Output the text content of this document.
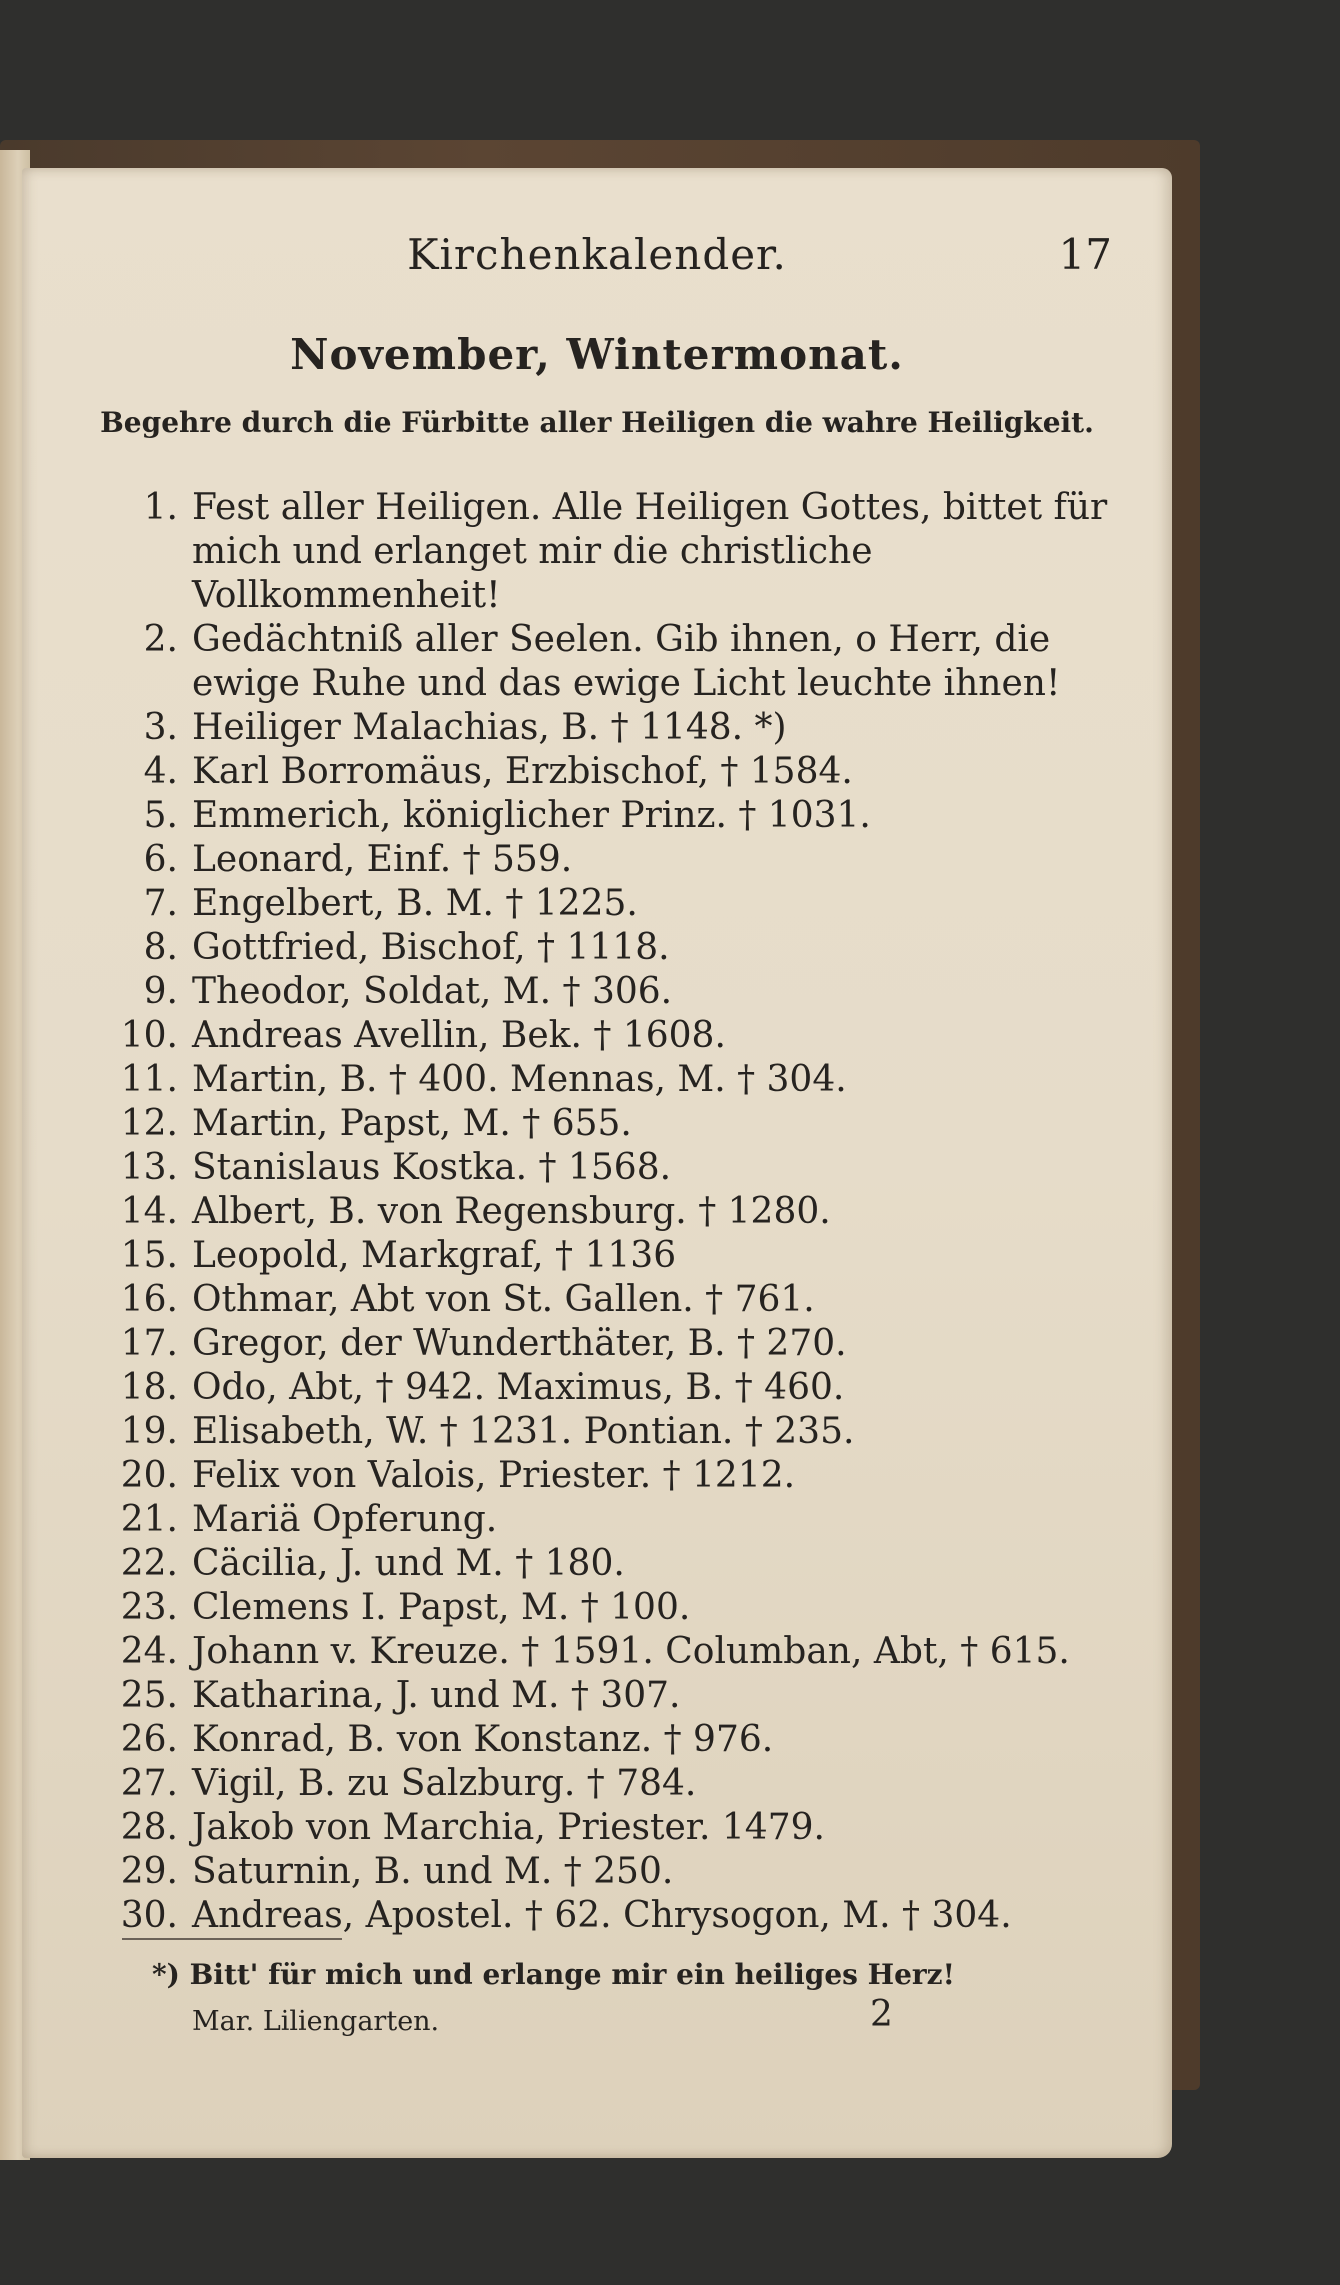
Kirchenkalender.	17
November, Wintermonat.
Begehre durch die Fürbitte aller Heiligen die wahre Heiligkeit.
1. Fest aller Heiligen. Alle Heiligen Gottes, bittet für mich und erlanget mir die christliche Vollkommenheit!
2. Gedächtniß aller Seelen. Gib ihnen, o Herr, die ewige Ruhe und das ewige Licht leuchte ihnen!
3. Heiliger Malachias, B. † 1148. *)
4. Karl Borromäus, Erzbischof, † 1584.
5. Emmerich, königlicher Prinz. † 1031.
6. Leonard, Einf. † 559.
7. Engelbert, B. M. † 1225.
8. Gottfried, Bischof, † 1118.
9. Theodor, Soldat, M. † 306.
10. Andreas Avellin, Bek. † 1608.
11. Martin, B. † 400. Mennas, M. † 304.
12. Martin, Papst, M. † 655.
13. Stanislaus Kostka. † 1568.
14. Albert, B. von Regensburg. † 1280.
15. Leopold, Markgraf, † 1136
16. Othmar, Abt von St. Gallen. † 761.
17. Gregor, der Wunderthäter, B. † 270.
18. Odo, Abt, † 942. Maximus, B. † 460.
19. Elisabeth, W. † 1231. Pontian. † 235.
20. Felix von Valois, Priester. † 1212.
21. Mariä Opferung.
22. Cäcilia, J. und M. † 180.
23. Clemens I. Papst, M. † 100.
24. Johann v. Kreuze. † 1591. Columban, Abt, † 615.
25. Katharina, J. und M. † 307.
26. Konrad, B. von Konstanz. † 976.
27. Vigil, B. zu Salzburg. † 784.
28. Jakob von Marchia, Priester. 1479.
29. Saturnin, B. und M. † 250.
30. Andreas, Apostel. † 62. Chrysogon, M. † 304.
*) Bitt' für mich und erlange mir ein heiliges Herz!
Mar. Liliengarten.	2
